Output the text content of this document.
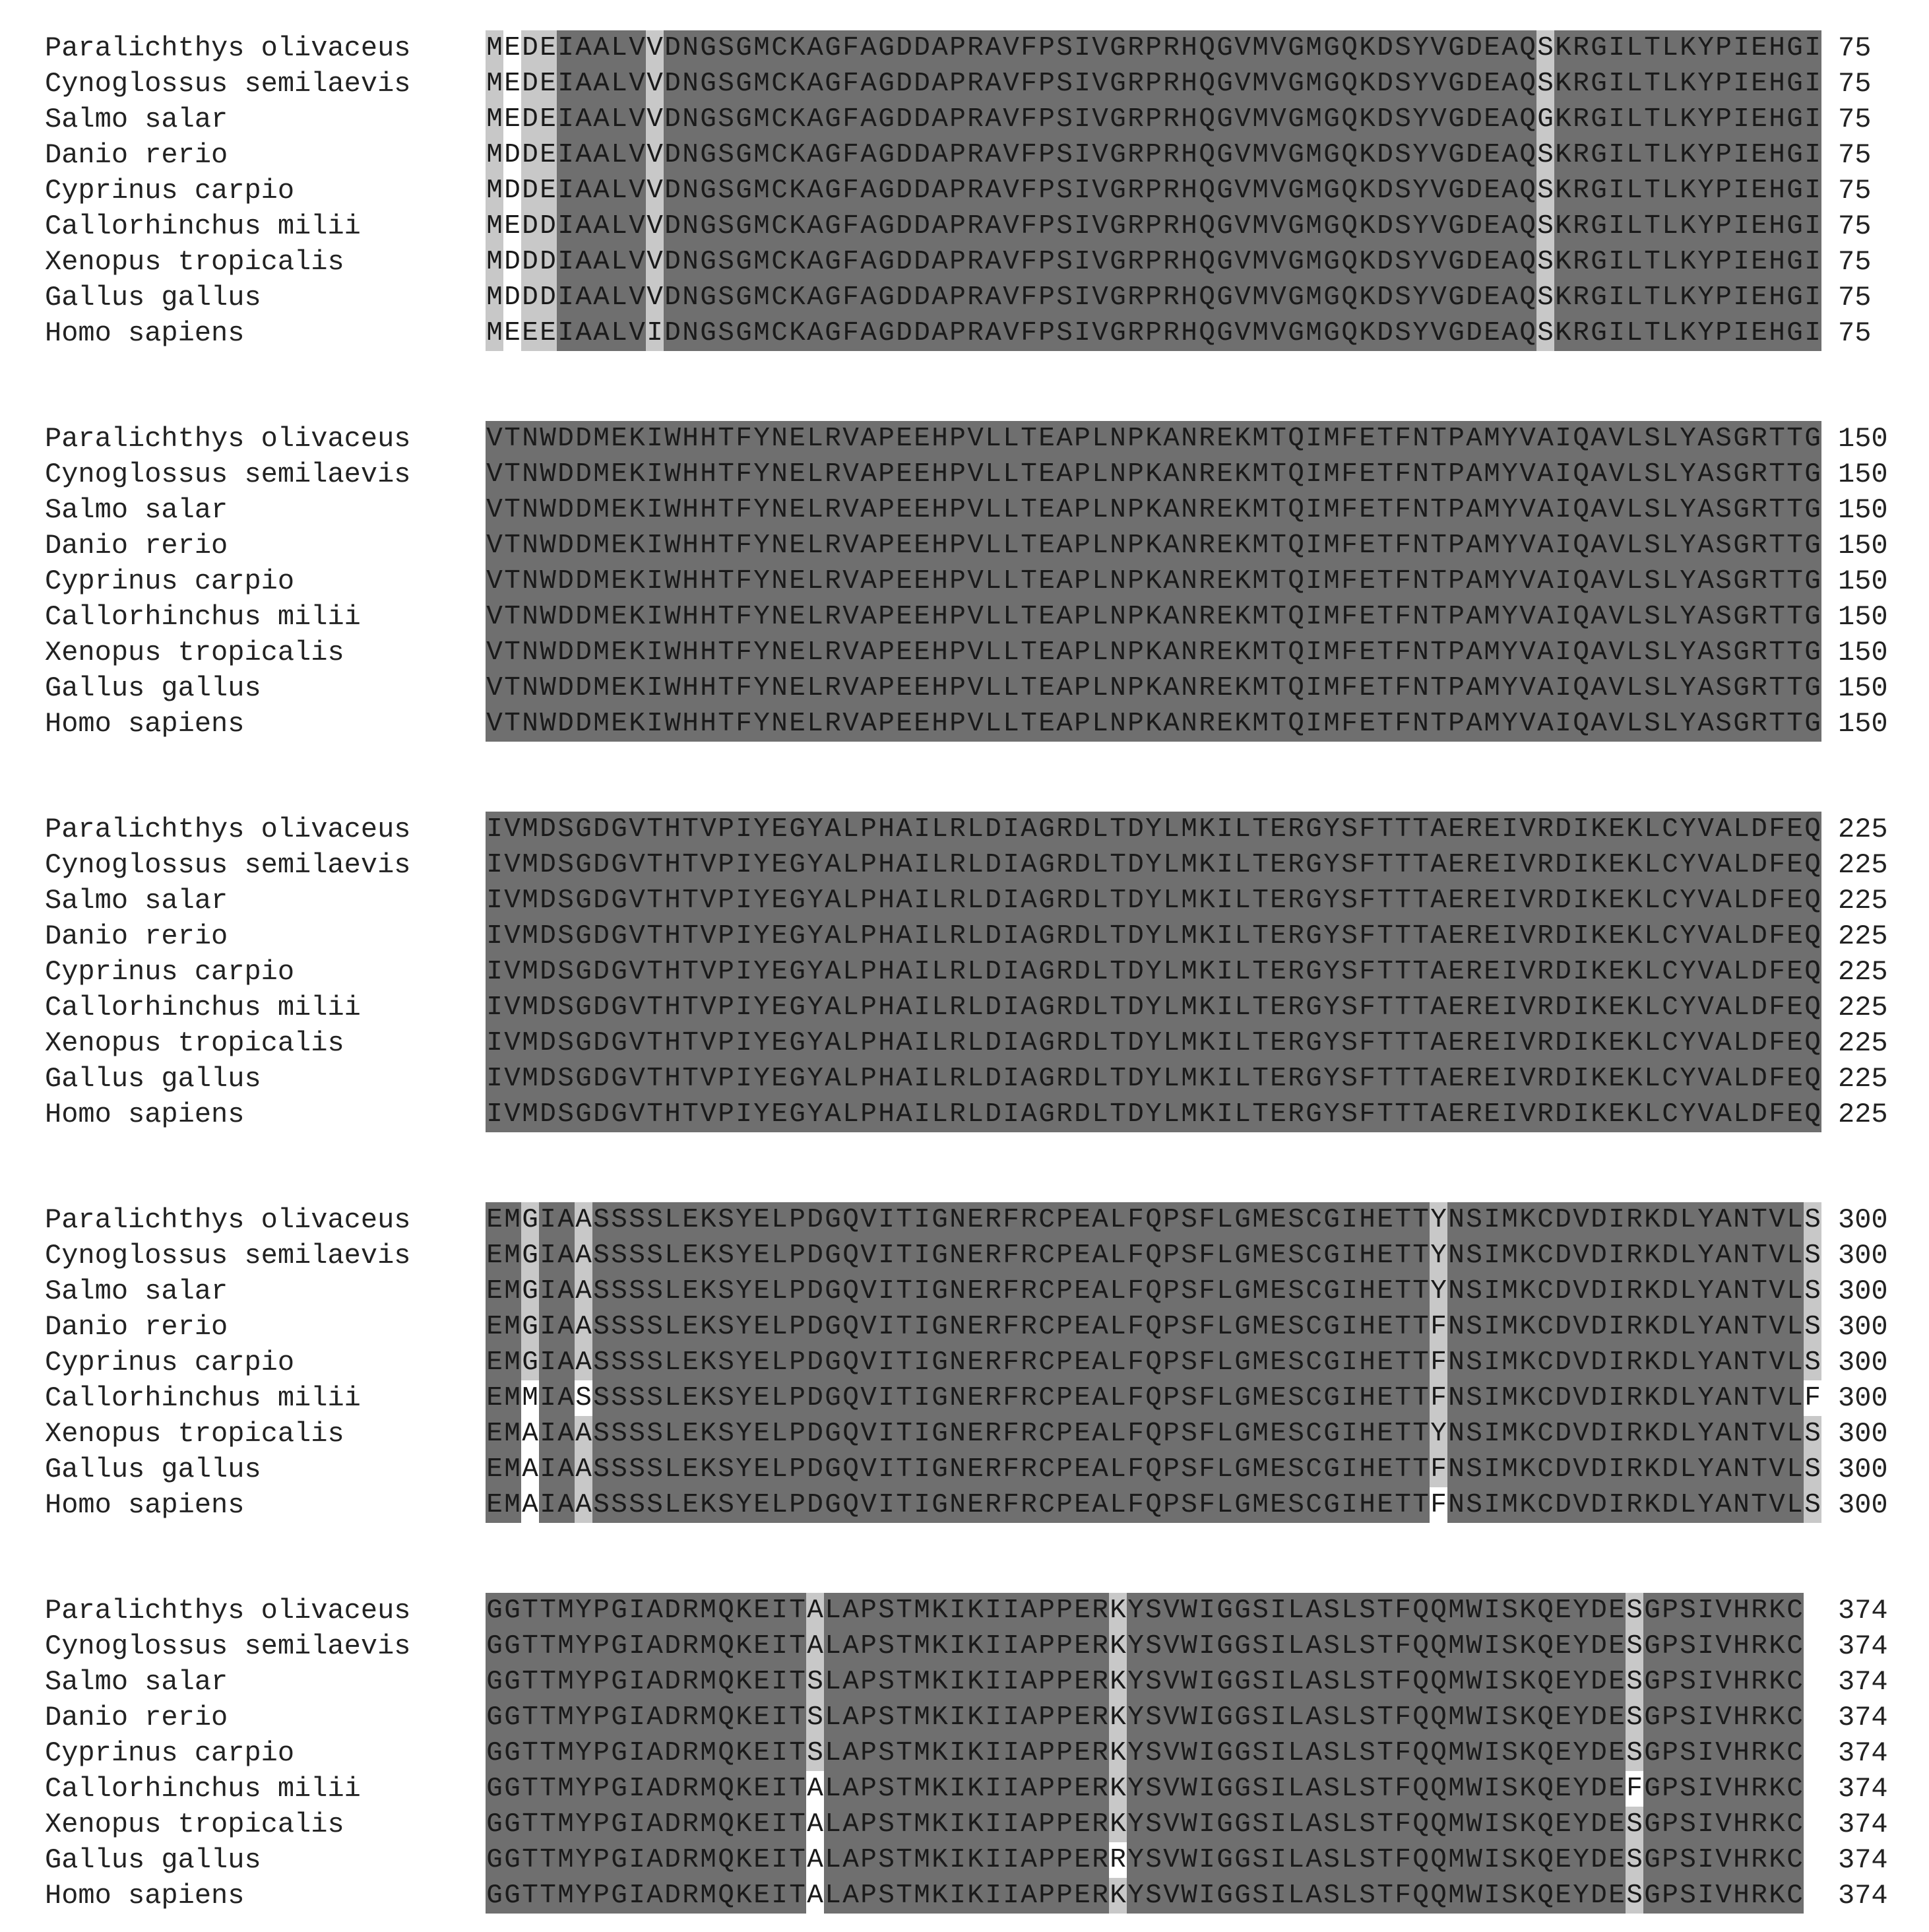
Paralichthys olivaceus	MEDEIAALVVDNGSGMCKAGFAGDDAPRAVFPSIVGRPRHQGVMVGMGQKDSYVGDEAQSKRGILTLKYPIEHGI 75
Cynoglossus semilaevis	MEDEIAALVVDNGSGMCKAGFAGDDAPRAVFPSIVGRPRHQGVMVGMGQKDSYVGDEAQSKRGILTLKYPIEHGI 75
Salmo salar	MEDEIAALVVDNGSGMCKAGFAGDDAPRAVFPSIVGRPRHQGVMVGMGQKDSYVGDEAQGKRGILTLKYPIEHGI 75
Danio rerio	MDDEIAALVVDNGSGMCKAGFAGDDAPRAVFPSIVGRPRHQGVMVGMGQKDSYVGDEAQSKRGILTLKYPIEHGI 75
Cyprinus carpio	MDDEIAALVVDNGSGMCKAGFAGDDAPRAVFPSIVGRPRHQGVMVGMGQKDSYVGDEAQSKRGILTLKYPIEHGI 75
Callorhinchus milii	MEDDIAALVVDNGSGMCKAGFAGDDAPRAVFPSIVGRPRHQGVMVGMGQKDSYVGDEAQSKRGILTLKYPIEHGI 75
Xenopus tropicalis	MDDDIAALVVDNGSGMCKAGFAGDDAPRAVFPSIVGRPRHQGVMVGMGQKDSYVGDEAQSKRGILTLKYPIEHGI 75
Gallus gallus	MDDDIAALVVDNGSGMCKAGFAGDDAPRAVFPSIVGRPRHQGVMVGMGQKDSYVGDEAQSKRGILTLKYPIEHGI 75
Homo sapiens	MEEEIAALVIDNGSGMCKAGFAGDDAPRAVFPSIVGRPRHQGVMVGMGQKDSYVGDEAQSKRGILTLKYPIEHGI 75
Paralichthys olivaceus	VTNWDDMEKIWHHTFYNELRVAPEEHPVLLTEAPLNPKANREKMTQIMFETFNTPAMYVAIQAVLSLYASGRTTG 150
Cynoglossus semilaevis	VTNWDDMEKIWHHTFYNELRVAPEEHPVLLTEAPLNPKANREKMTQIMFETFNTPAMYVAIQAVLSLYASGRTTG 150
Salmo salar	VTNWDDMEKIWHHTFYNELRVAPEEHPVLLTEAPLNPKANREKMTQIMFETFNTPAMYVAIQAVLSLYASGRTTG 150
Danio rerio	VTNWDDMEKIWHHTFYNELRVAPEEHPVLLTEAPLNPKANREKMTQIMFETFNTPAMYVAIQAVLSLYASGRTTG 150
Cyprinus carpio	VTNWDDMEKIWHHTFYNELRVAPEEHPVLLTEAPLNPKANREKMTQIMFETFNTPAMYVAIQAVLSLYASGRTTG 150
Callorhinchus milii	VTNWDDMEKIWHHTFYNELRVAPEEHPVLLTEAPLNPKANREKMTQIMFETFNTPAMYVAIQAVLSLYASGRTTG 150
Xenopus tropicalis	VTNWDDMEKIWHHTFYNELRVAPEEHPVLLTEAPLNPKANREKMTQIMFETFNTPAMYVAIQAVLSLYASGRTTG 150
Gallus gallus	VTNWDDMEKIWHHTFYNELRVAPEEHPVLLTEAPLNPKANREKMTQIMFETFNTPAMYVAIQAVLSLYASGRTTG 150
Homo sapiens	VTNWDDMEKIWHHTFYNELRVAPEEHPVLLTEAPLNPKANREKMTQIMFETFNTPAMYVAIQAVLSLYASGRTTG 150
Paralichthys olivaceus	IVMDSGDGVTHTVPIYEGYALPHAILRLDIAGRDLTDYLMKILTERGYSFTTTAEREIVRDIKEKLCYVALDFEQ 225
Cynoglossus semilaevis	IVMDSGDGVTHTVPIYEGYALPHAILRLDIAGRDLTDYLMKILTERGYSFTTTAEREIVRDIKEKLCYVALDFEQ 225
Salmo salar	IVMDSGDGVTHTVPIYEGYALPHAILRLDIAGRDLTDYLMKILTERGYSFTTTAEREIVRDIKEKLCYVALDFEQ 225
Danio rerio	IVMDSGDGVTHTVPIYEGYALPHAILRLDIAGRDLTDYLMKILTERGYSFTTTAEREIVRDIKEKLCYVALDFEQ 225
Cyprinus carpio	IVMDSGDGVTHTVPIYEGYALPHAILRLDIAGRDLTDYLMKILTERGYSFTTTAEREIVRDIKEKLCYVALDFEQ 225
Callorhinchus milii	IVMDSGDGVTHTVPIYEGYALPHAILRLDIAGRDLTDYLMKILTERGYSFTTTAEREIVRDIKEKLCYVALDFEQ 225
Xenopus tropicalis	IVMDSGDGVTHTVPIYEGYALPHAILRLDIAGRDLTDYLMKILTERGYSFTTTAEREIVRDIKEKLCYVALDFEQ 225
Gallus gallus	IVMDSGDGVTHTVPIYEGYALPHAILRLDIAGRDLTDYLMKILTERGYSFTTTAEREIVRDIKEKLCYVALDFEQ 225
Homo sapiens	IVMDSGDGVTHTVPIYEGYALPHAILRLDIAGRDLTDYLMKILTERGYSFTTTAEREIVRDIKEKLCYVALDFEQ 225
Paralichthys olivaceus	EMGIAASSSSLEKSYELPDGQVITIGNERFRCPEALFQPSFLGMESCGIHETTYNSIMKCDVDIRKDLYANTVLS 300
Cynoglossus semilaevis	EMGIAASSSSLEKSYELPDGQVITIGNERFRCPEALFQPSFLGMESCGIHETTYNSIMKCDVDIRKDLYANTVLS 300
Salmo salar	EMGIAASSSSLEKSYELPDGQVITIGNERFRCPEALFQPSFLGMESCGIHETTYNSIMKCDVDIRKDLYANTVLS 300
Danio rerio	EMGIAASSSSLEKSYELPDGQVITIGNERFRCPEALFQPSFLGMESCGIHETTFNSIMKCDVDIRKDLYANTVLS 300
Cyprinus carpio	EMGIAASSSSLEKSYELPDGQVITIGNERFRCPEALFQPSFLGMESCGIHETTFNSIMKCDVDIRKDLYANTVLS 300
Callorhinchus milii	EMMIASSSSSLEKSYELPDGQVITIGNERFRCPEALFQPSFLGMESCGIHETTFNSIMKCDVDIRKDLYANTVLF 300
Xenopus tropicalis	EMAIAASSSSLEKSYELPDGQVITIGNERFRCPEALFQPSFLGMESCGIHETTYNSIMKCDVDIRKDLYANTVLS 300
Gallus gallus	EMAIAASSSSLEKSYELPDGQVITIGNERFRCPEALFQPSFLGMESCGIHETTFNSIMKCDVDIRKDLYANTVLS 300
Homo sapiens	EMAIAASSSSLEKSYELPDGQVITIGNERFRCPEALFQPSFLGMESCGIHETTFNSIMKCDVDIRKDLYANTVLS 300
Paralichthys olivaceus	GGTTMYPGIADRMQKEITALAPSTMKIKIIAPPERKYSVWIGGSILASLSTFQQMWISKQEYDESGPSIVHRKC 374
Cynoglossus semilaevis	GGTTMYPGIADRMQKEITALAPSTMKIKIIAPPERKYSVWIGGSILASLSTFQQMWISKQEYDESGPSIVHRKC 374
Salmo salar	GGTTMYPGIADRMQKEITSLAPSTMKIKIIAPPERKYSVWIGGSILASLSTFQQMWISKQEYDESGPSIVHRKC 374
Danio rerio	GGTTMYPGIADRMQKEITSLAPSTMKIKIIAPPERKYSVWIGGSILASLSTFQQMWISKQEYDESGPSIVHRKC 374
Cyprinus carpio	GGTTMYPGIADRMQKEITSLAPSTMKIKIIAPPERKYSVWIGGSILASLSTFQQMWISKQEYDESGPSIVHRKC 374
Callorhinchus milii	GGTTMYPGIADRMQKEITALAPSTMKIKIIAPPERKYSVWIGGSILASLSTFQQMWISKQEYDEFGPSIVHRKC 374
Xenopus tropicalis	GGTTMYPGIADRMQKEITALAPSTMKIKIIAPPERKYSVWIGGSILASLSTFQQMWISKQEYDESGPSIVHRKC 374
Gallus gallus	GGTTMYPGIADRMQKEITALAPSTMKIKIIAPPERRYSVWIGGSILASLSTFQQMWISKQEYDESGPSIVHRKC 374
Homo sapiens	GGTTMYPGIADRMQKEITALAPSTMKIKIIAPPERKYSVWIGGSILASLSTFQQMWISKQEYDESGPSIVHRKC 374
